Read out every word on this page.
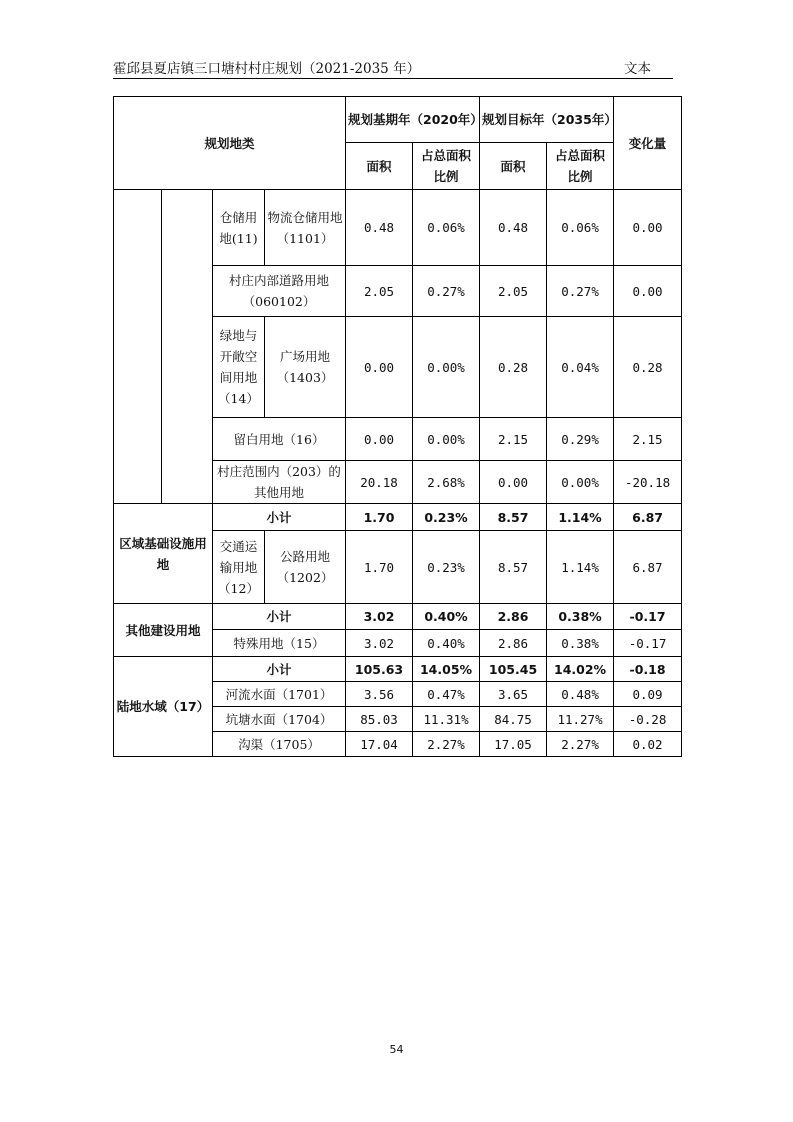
霍邱县夏店镇三口塘村村庄规划（2021-2035 年）	文本
规划地类				规划基期年（2020年）		规划目标年（2035年）		变化量
				面积	占总面积比例	面积	占总面积比例	
		仓储用地(11)	物流仓储用地（1101）	0.48	0.06%	0.48	0.06%	0.00
		村庄内部道路用地（060102）		2.05	0.27%	2.05	0.27%	0.00
		绿地与开敞空间用地（14）	广场用地（1403）	0.00	0.00%	0.28	0.04%	0.28
		留白用地（16）		0.00	0.00%	2.15	0.29%	2.15
		村庄范围内（203）的其他用地		20.18	2.68%	0.00	0.00%	-20.18
区域基础设施用地		小计		1.70	0.23%	8.57	1.14%	6.87
		交通运输用地（12）	公路用地（1202）	1.70	0.23%	8.57	1.14%	6.87
其他建设用地		小计		3.02	0.40%	2.86	0.38%	-0.17
		特殊用地（15）		3.02	0.40%	2.86	0.38%	-0.17
陆地水域（17）		小计		105.63	14.05%	105.45	14.02%	-0.18
		河流水面（1701）		3.56	0.47%	3.65	0.48%	0.09
		坑塘水面（1704）		85.03	11.31%	84.75	11.27%	-0.28
		沟渠（1705）		17.04	2.27%	17.05	2.27%	0.02
54
